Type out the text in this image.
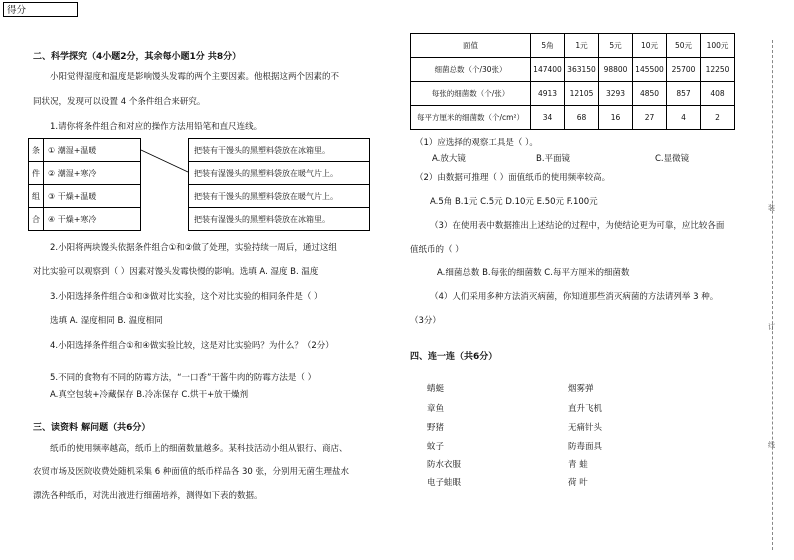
得分
二、科学探究（4小题2分，其余每小题1分 共8分）
小阳觉得湿度和温度是影响馒头发霉的两个主要因素。他根据这两个因素的不
同状况，发现可以设置 4 个条件组合来研究。
1.请你将条件组合和对应的操作方法用铅笔和直尺连线。
条	① 潮湿+温暖
件	② 潮湿+寒冷
组	③ 干燥+温暖
合	④ 干燥+寒冷
把装有干馒头的黑塑料袋放在冰箱里。
把装有湿馒头的黑塑料袋放在暖气片上。
把装有干馒头的黑塑料袋放在暖气片上。
把装有湿馒头的黑塑料袋放在冰箱里。
2.小阳将两块馒头依据条件组合①和②做了处理，实验持续一周后，通过这组
对比实验可以观察到（ ）因素对馒头发霉快慢的影响。选填 A. 湿度 B. 温度
3.小阳选择条件组合①和③做对比实验，这个对比实验的相同条件是（ ）
选填 A. 湿度相同 B. 温度相同
4.小阳选择条件组合①和④做实验比较，这是对比实验吗？为什么？（2分）
5.不同的食物有不同的防霉方法，“一口香”干酱牛肉的防霉方法是（ ）
A.真空包装+冷藏保存 B.冷冻保存 C.烘干+放干燥剂
三、读资料 解问题（共6分）
纸币的使用频率越高，纸币上的细菌数量越多。某科技活动小组从银行、商店、
农贸市场及医院收费处随机采集 6 种面值的纸币样品各 30 张，分别用无菌生理盐水
漂洗各种纸币，对洗出液进行细菌培养，测得如下表的数据。
面值	5角	1元	5元	10元	50元	100元
细菌总数（个/30张）	147400	363150	98800	145500	25700	12250
每张的细菌数（个/张）	4913	12105	3293	4850	857	408
每平方厘米的细菌数（个/cm²）	34	68	16	27	4	2
（1）应选择的观察工具是（ ）。
A.放大镜	B.平面镜	C.显微镜
（2）由数据可推理（ ）面值纸币的使用频率较高。
A.5角 B.1元 C.5元 D.10元 E.50元 F.100元
（3）在使用表中数据推出上述结论的过程中，为使结论更为可靠，应比较各面
值纸币的（ ）
A.细菌总数 B.每张的细菌数 C.每平方厘米的细菌数
（4）人们采用多种方法消灭病菌，你知道那些消灭病菌的方法请列举 3 种。
（3分）
四、连一连（共6分）
蜻蜓
章鱼
野猪
蚊子
防水衣服
电子蛙眼
烟雾弹
直升飞机
无痛针头
防毒面具
青 蛙
荷 叶
装
订
线
